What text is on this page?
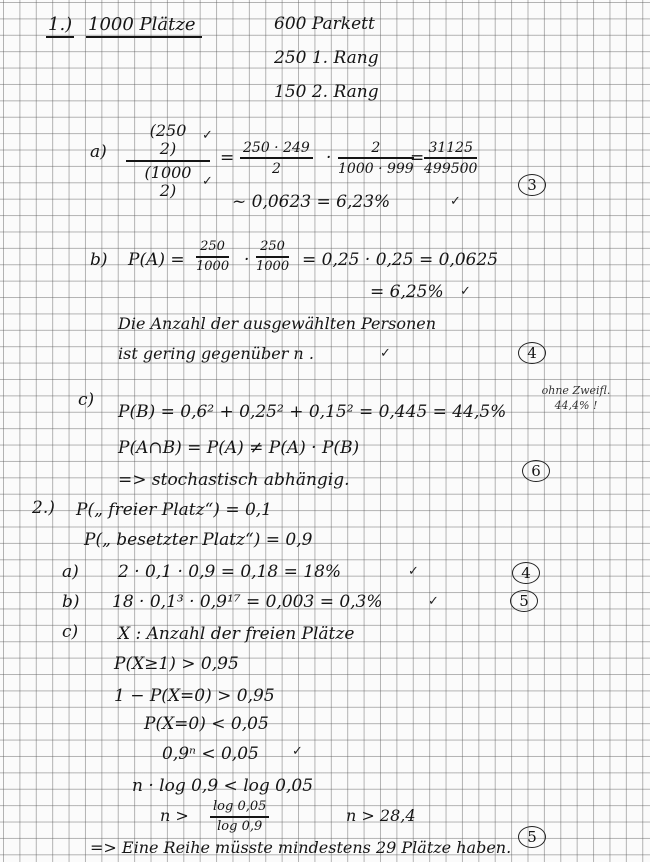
1.) 1000 Plätze	600 Parkett
250 1. Rang
150 2. Rang
a)
(250
2)
(1000
2)
✓
✓
= $\frac{250 \cdot 249}{2} \cdot \frac{2}{1000 \cdot 999}$
= $\frac{31125}{499500}$
~ 0,0623 = 6,23%	✓
3
b) $P(A) = \frac{250}{1000} \cdot \frac{250}{1000} = 0,25 \cdot 0,25 = 0,0625$
= 6,25% ✓
Die Anzahl der ausgewählten Personen
ist gering gegenüber n .	✓	4
c)
P(B) = 0,6² + 0,25² + 0,15² = 0,445 = 44,5%
P(A∩B) = P(A) ≠ P(A) · P(B)
=> stochastisch abhängig.
ohne Zweifl.
44,4% !
6
2.) P(„ freier Platz“) = 0,1
P(„ besetzter Platz“) = 0,9
a) 2 · 0,1 · 0,9 = 0,18 = 18%	✓	4
b) 18 · 0,1³ · 0,9¹⁷ = 0,003 = 0,3%	✓	5
c) X : Anzahl der freien Plätze
P(X≥1) > 0,95
1 − P(X=0) > 0,95
P(X=0) < 0,05
0,9ⁿ < 0,05	✓
n · log 0,9 < log 0,05
$n > \frac{\log 0,05}{\log 0,9}$	n > 28,4
=> Eine Reihe müsste mindestens 29 Plätze haben.
5
